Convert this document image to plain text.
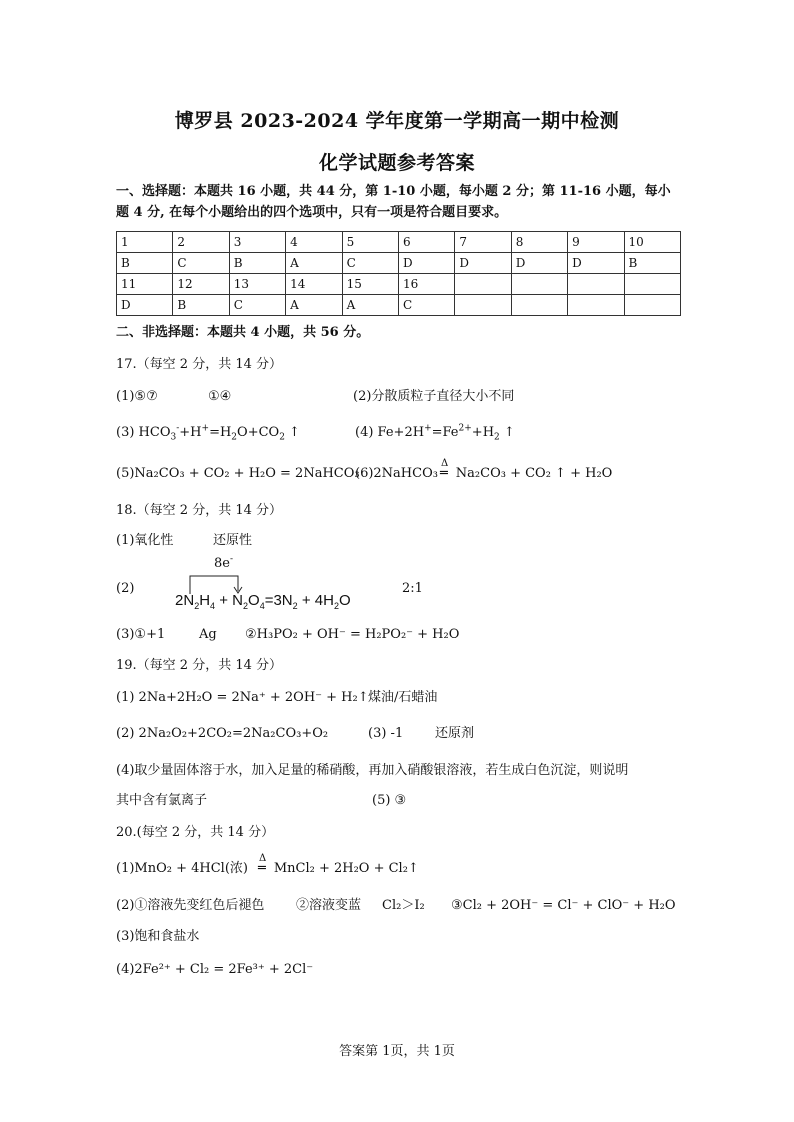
博罗县 2023-2024 学年度第一学期高一期中检测
化学试题参考答案
一、选择题：本题共 16 小题，共 44 分，第 1-10 小题，每小题 2 分；第 11-16 小题，每小
题 4 分, 在每个小题给出的四个选项中，只有一项是符合题目要求。
1	2	3	4	5	6	7	8	9	10
B	C	B	A	C	D	D	D	D	B
11	12	13	14	15	16				
D	B	C	A	A	C				
二、非选择题：本题共 4 小题，共 56 分。
17.（每空 2 分，共 14 分）
(1)⑤⑦	①④	(2)分散质粒子直径大小不同
(3) $HCO_3^-+H^+=H_2O+CO_2$ ↑	(4) $Fe+2H^+=Fe^{2+}+H_2$ ↑
(5)Na₂CO₃ + CO₂ + H₂O = 2NaHCO₃
(6)2NaHCO₃
Δ
═ Na₂CO₃ + CO₂ ↑ + H₂O
18.（每空 2 分，共 14 分）
(1)氧化性	还原性
8e-
(2)
$2N_2H_4 + N_2O_4=3N_2 + 4H_2O$
2:1
(3)①+1	Ag ②H₃PO₂ + OH⁻ = H₂PO₂⁻ + H₂O
19.（每空 2 分，共 14 分）
(1) 2Na+2H₂O = 2Na⁺ + 2OH⁻ + H₂↑ 煤油/石蜡油
(2) 2Na₂O₂+2CO₂=2Na₂CO₃+O₂	(3) -1 还原剂
(4)取少量固体溶于水，加入足量的稀硝酸，再加入硝酸银溶液，若生成白色沉淀，则说明
其中含有氯离子	(5) ③
20.(每空 2 分，共 14 分）
(1)MnO₂ + 4HCl(浓)
Δ
═ MnCl₂ + 2H₂O + Cl₂↑
(2)①溶液先变红色后褪色 ②溶液变蓝 Cl₂＞I₂ ③Cl₂ + 2OH⁻ = Cl⁻ + ClO⁻ + H₂O
(3)饱和食盐水
(4)2Fe²⁺ + Cl₂ = 2Fe³⁺ + 2Cl⁻
答案第 1页，共 1页
